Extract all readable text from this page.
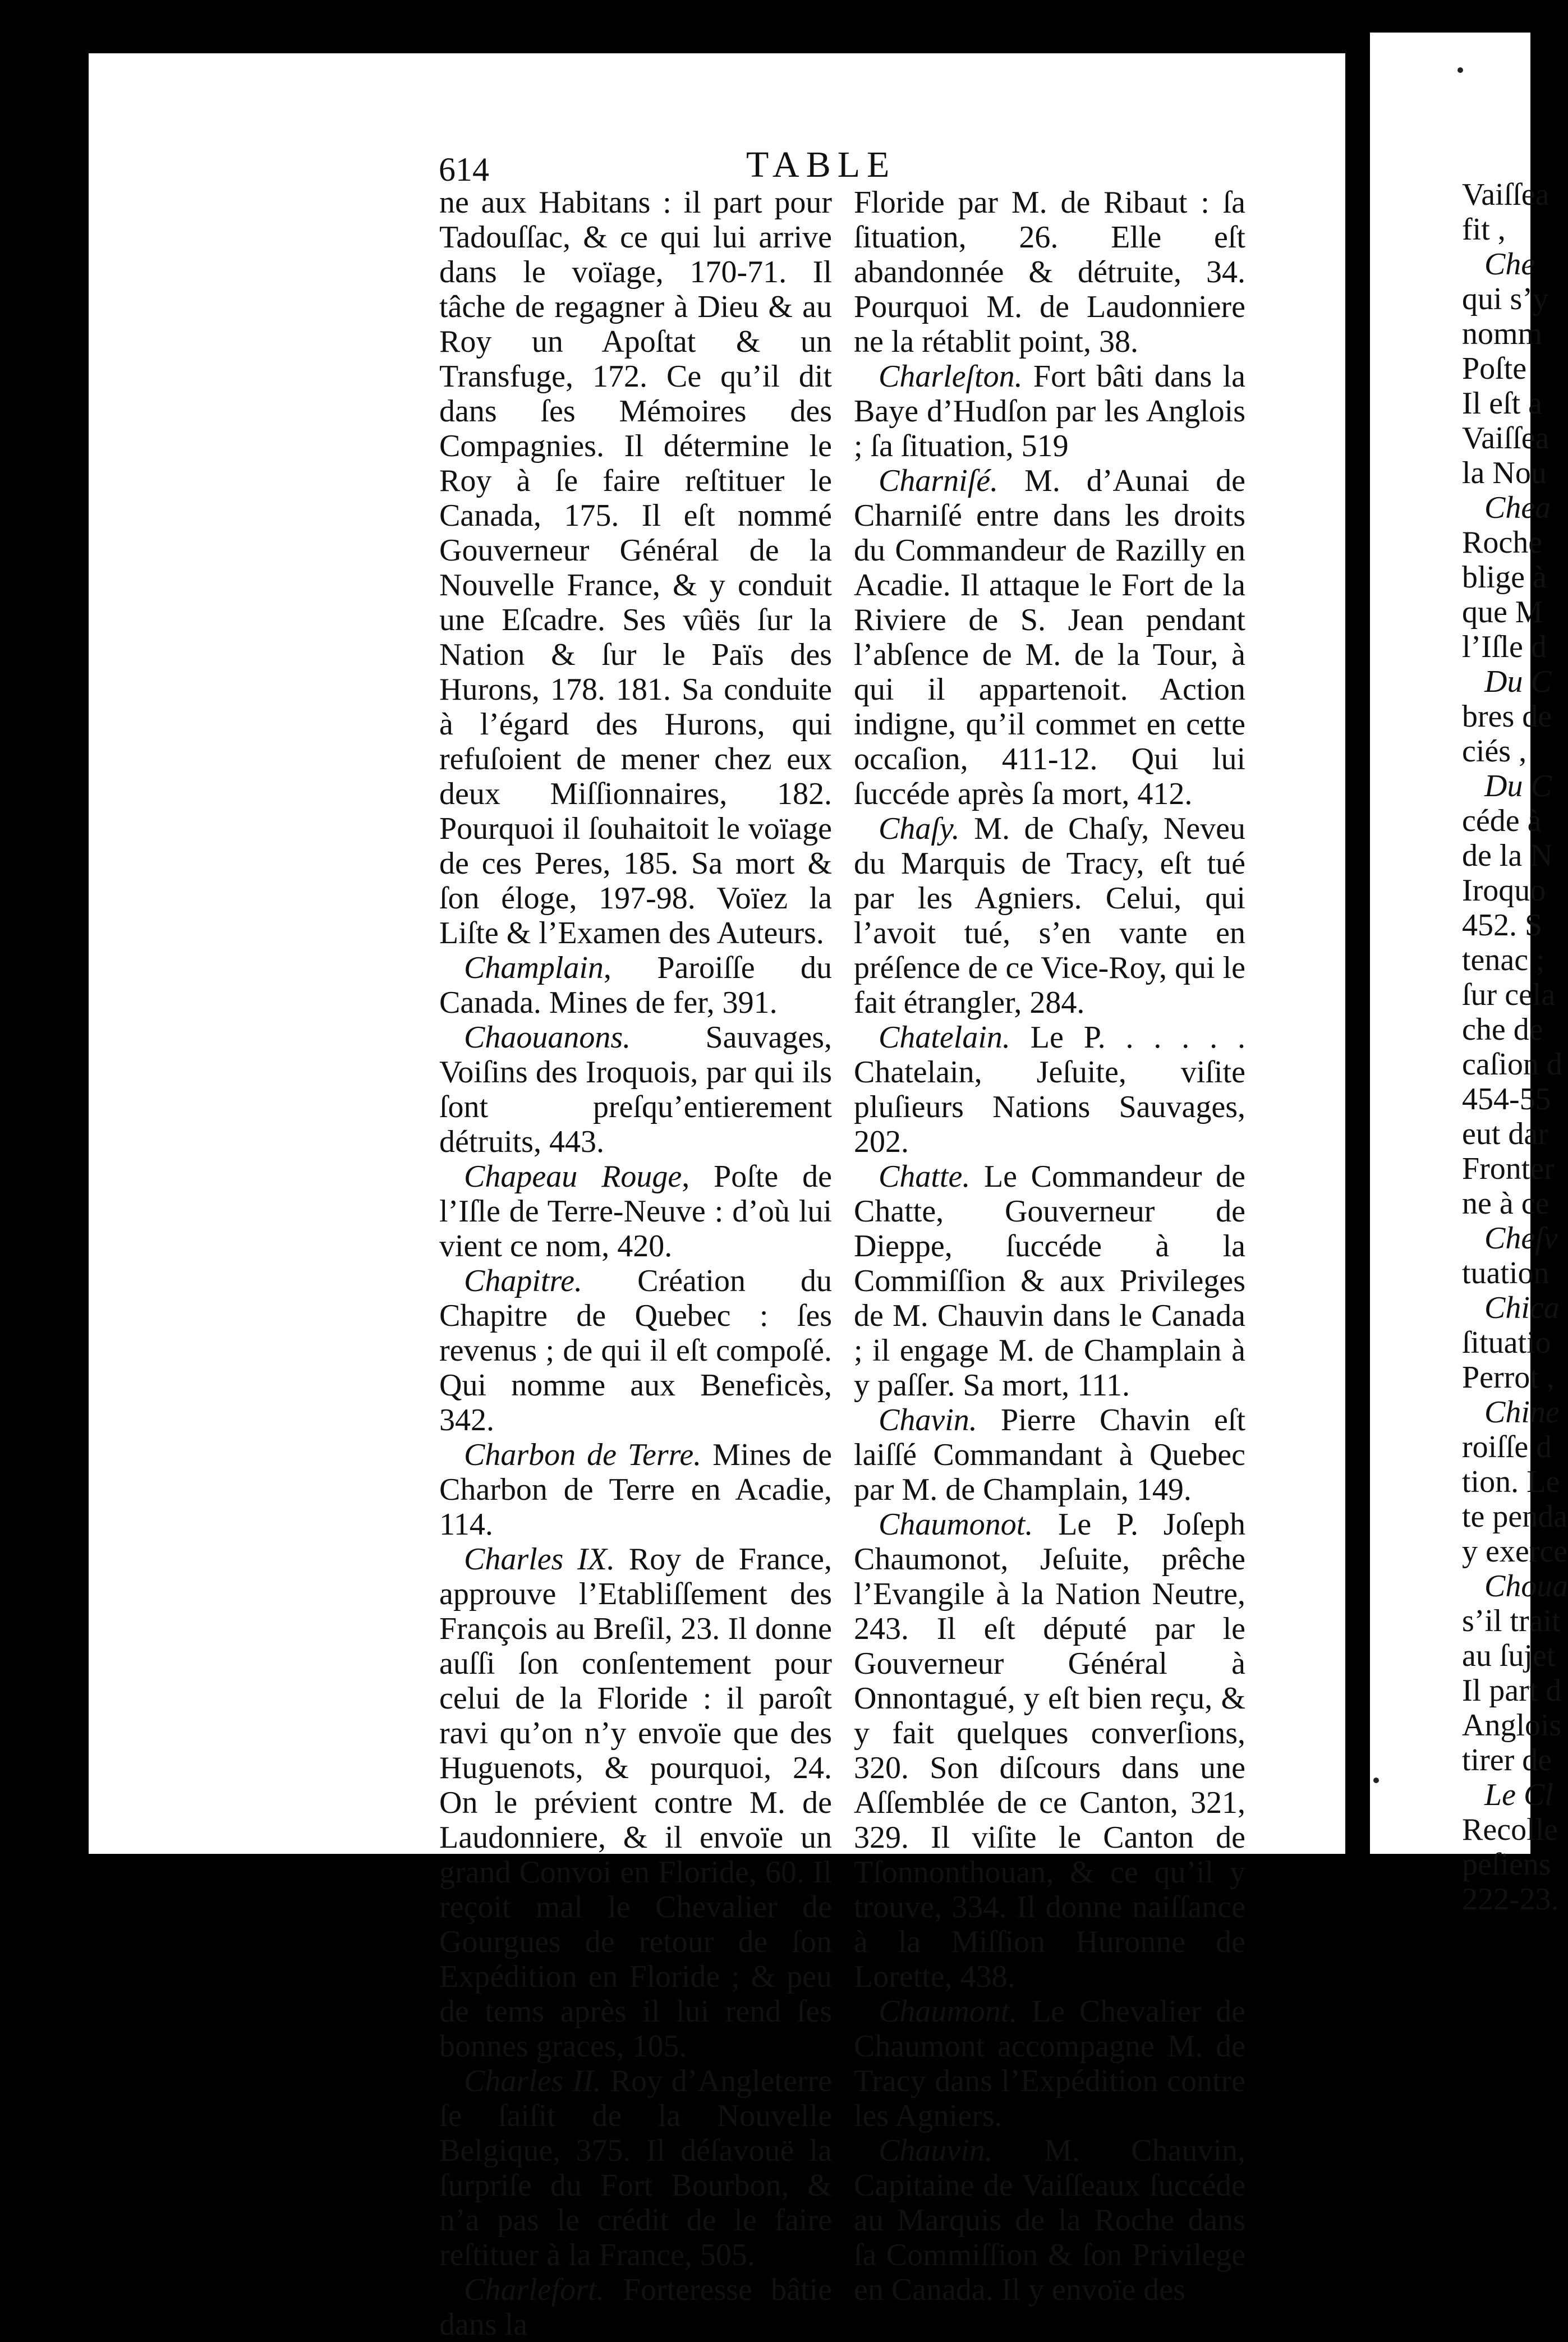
614	TABLE

ne aux Habitans : il part pour Tadouſſac, & ce qui lui arrive dans le voïage, 170-71. Il tâche de regagner à Dieu & au Roy un Apoſtat & un Transfuge, 172. Ce qu’il dit dans ſes Mémoires des Compagnies. Il détermine le Roy à ſe faire reſtituer le Canada, 175. Il eſt nommé Gouverneur Général de la Nouvelle France, & y conduit une Eſcadre. Ses vûës ſur la Nation & ſur le Païs des Hurons, 178. 181. Sa conduite à l’égard des Hurons, qui refuſoient de mener chez eux deux Miſſionnaires, 182. Pourquoi il ſouhaitoit le voïage de ces Peres, 185. Sa mort & ſon éloge, 197-98. Voïez la Liſte & l’Examen des Auteurs.

Champlain, Paroiſſe du Canada. Mines de fer, 391.

Chaouanons. Sauvages, Voiſins des Iroquois, par qui ils ſont preſqu’entierement détruits, 443.

Chapeau Rouge, Poſte de l’Iſle de Terre-Neuve : d’où lui vient ce nom, 420.

Chapitre. Création du Chapitre de Quebec : ſes revenus ; de qui il eſt compoſé. Qui nomme aux Beneficès, 342.

Charbon de Terre. Mines de Charbon de Terre en Acadie, 114.

Charles IX. Roy de France, approuve l’Etabliſſement des François au Breſil, 23. Il donne auſſi ſon conſentement pour celui de la Floride : il paroît ravi qu’on n’y envoïe que des Huguenots, & pourquoi, 24. On le prévient contre M. de Laudonniere, & il envoïe un grand Convoi en Floride, 60. Il reçoit mal le Chevalier de Gourgues de retour de ſon Expédition en Floride ; & peu de tems après il lui rend ſes bonnes graces, 105.

Charles II. Roy d’Angleterre ſe ſaiſit de la Nouvelle Belgique, 375. Il déſavouë la ſurpriſe du Fort Bourbon, & n’a pas le crédit de le faire reſtituer à la France, 505.

Charlefort. Forteresse bâtie dans la

Floride par M. de Ribaut : ſa ſituation, 26. Elle eſt abandonnée & détruite, 34. Pourquoi M. de Laudonniere ne la rétablit point, 38.

Charleſton. Fort bâti dans la Baye d’Hudſon par les Anglois ; ſa ſituation, 519

Charniſé. M. d’Aunai de Charniſé entre dans les droits du Commandeur de Razilly en Acadie. Il attaque le Fort de la Riviere de S. Jean pendant l’abſence de M. de la Tour, à qui il appartenoit. Action indigne, qu’il commet en cette occaſion, 411-12. Qui lui ſuccéde après ſa mort, 412.

Chaſy. M. de Chaſy, Neveu du Marquis de Tracy, eſt tué par les Agniers. Celui, qui l’avoit tué, s’en vante en préſence de ce Vice-Roy, qui le fait étrangler, 284.

Chatelain. Le P. . . . . . Chatelain, Jeſuite, viſite pluſieurs Nations Sauvages, 202.

Chatte. Le Commandeur de Chatte, Gouverneur de Dieppe, ſuccéde à la Commiſſion & aux Privileges de M. Chauvin dans le Canada ; il engage M. de Champlain à y paſſer. Sa mort, 111.

Chavin. Pierre Chavin eſt laiſſé Commandant à Quebec par M. de Champlain, 149.

Chaumonot. Le P. Joſeph Chaumonot, Jeſuite, prêche l’Evangile à la Nation Neutre, 243. Il eſt député par le Gouverneur Général à Onnontagué, y eſt bien reçu, & y fait quelques converſions, 320. Son diſcours dans une Aſſemblée de ce Canton, 321, 329. Il viſite le Canton de Tſonnonthouan, & ce qu’il y trouve, 334. Il donne naiſſance à la Miſſion Huronne de Lorette, 438.

Chaumont. Le Chevalier de Chaumont accompagne M. de Tracy dans l’Expédition contre les Agniers.

Chauvin. M. Chauvin, Capitaine de Vaiſſeaux ſuccéde au Marquis de la Roche dans ſa Commiſſion & ſon Privilege en Canada. Il y envoïe des

Vaiſſea
fit ,
Che
qui s’y
nomm
Poſte
Il eſt a
Vaiſſea
la Nou
Chea
Roche
blige à
que M
l’Iſle d
Du C
bres de
ciés ,
Du C
céde à
de la N
Iroquo
452. S
tenac ;
ſur cela
che de
caſion d
454-55
eut dar
Fronter
ne à ce
Cheſv
tuation
Chica
ſituatio
Perrot ,
Chine
roiſſe d
tion. Le
te penda
y exerce
Choua
s’il trait
au ſujet
Il part d
Anglois
tirer de
Le Cl
Recolle
peſiens
222-23.
